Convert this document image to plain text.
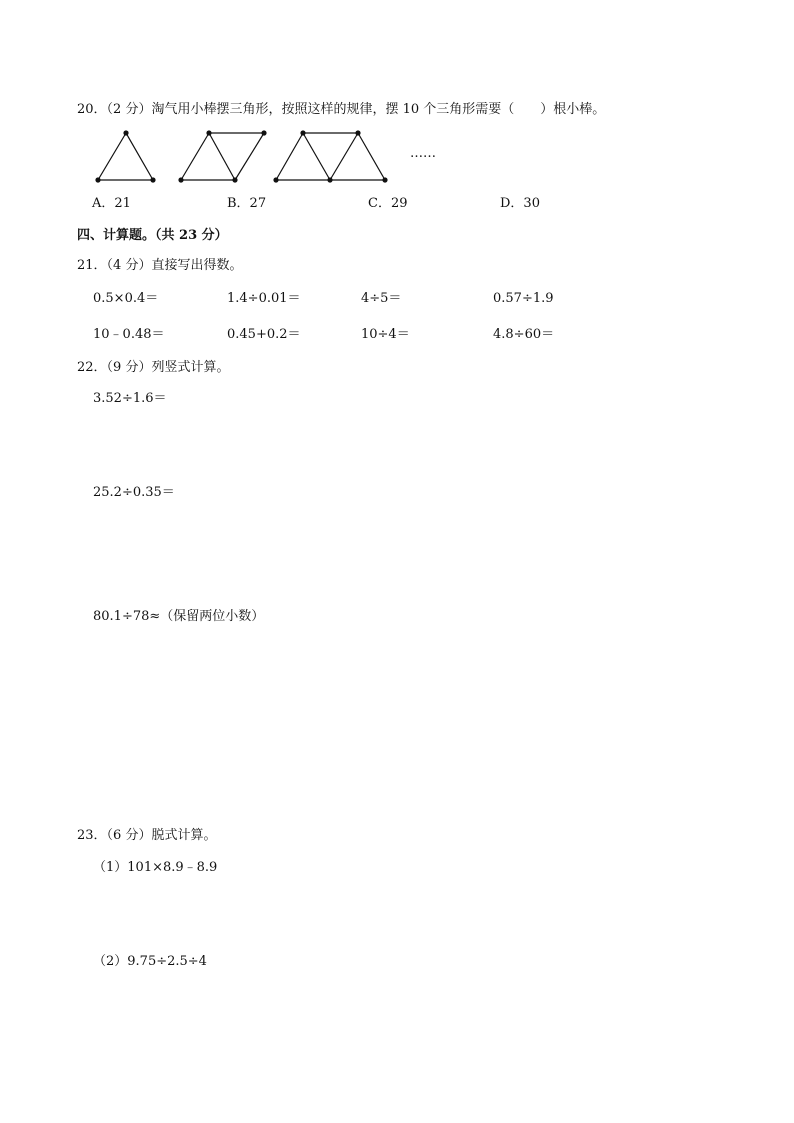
20．（2 分）淘气用小棒摆三角形，按照这样的规律，摆 10 个三角形需要（　　）根小棒。
……
A．21	B．27	C．29	D．30
四、计算题。（共 23 分）
21．（4 分）直接写出得数。
0.5×0.4＝	1.4÷0.01＝	4÷5＝	0.57÷1.9
10﹣0.48＝	0.45+0.2＝	10÷4＝	4.8÷60＝
22．（9 分）列竖式计算。
3.52÷1.6＝
25.2÷0.35＝
80.1÷78≈（保留两位小数）
23．（6 分）脱式计算。
（1）101×8.9﹣8.9
（2）9.75÷2.5÷4
